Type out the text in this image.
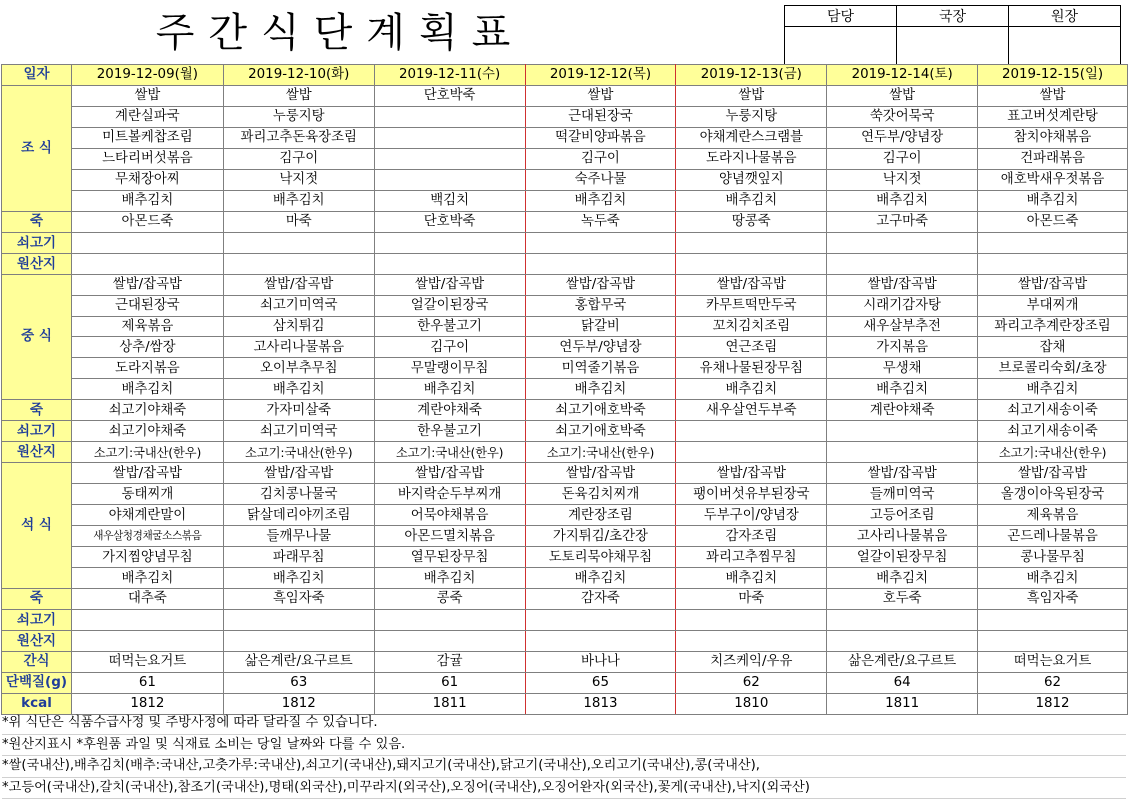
주간식단계획표	담당	국장	원장

일자	2019-12-09(월)	2019-12-10(화)	2019-12-11(수)	2019-12-12(목)	2019-12-13(금)	2019-12-14(토)	2019-12-15(일)
조 식	쌀밥	쌀밥	단호박죽	쌀밥	쌀밥	쌀밥	쌀밥
	계란실파국	누룽지탕		근대된장국	누룽지탕	쑥갓어묵국	표고버섯계란탕
	미트볼케찹조림	꽈리고추돈육장조림		떡갈비양파볶음	야채계란스크램블	연두부/양념장	참치야채볶음
	느타리버섯볶음	김구이		김구이	도라지나물볶음	김구이	건파래볶음
	무채장아찌	낙지젓		숙주나물	양념깻잎지	낙지젓	애호박새우젓볶음
	배추김치	배추김치	백김치	배추김치	배추김치	배추김치	배추김치
죽	아몬드죽	마죽	단호박죽	녹두죽	땅콩죽	고구마죽	아몬드죽
쇠고기							
원산지							
중 식	쌀밥/잡곡밥	쌀밥/잡곡밥	쌀밥/잡곡밥	쌀밥/잡곡밥	쌀밥/잡곡밥	쌀밥/잡곡밥	쌀밥/잡곡밥
	근대된장국	쇠고기미역국	얼갈이된장국	홍합무국	카무트떡만두국	시래기감자탕	부대찌개
	제육볶음	삼치튀김	한우불고기	닭갈비	꼬치김치조림	새우살부추전	꽈리고추계란장조림
	상추/쌈장	고사리나물볶음	김구이	연두부/양념장	연근조림	가지볶음	잡채
	도라지볶음	오이부추무침	무말랭이무침	미역줄기볶음	유채나물된장무침	무생채	브로콜리숙회/초장
	배추김치	배추김치	배추김치	배추김치	배추김치	배추김치	배추김치
죽	쇠고기야채죽	가자미살죽	계란야채죽	쇠고기애호박죽	새우살연두부죽	계란야채죽	쇠고기새송이죽
쇠고기	쇠고기야채죽	쇠고기미역국	한우불고기	쇠고기애호박죽			쇠고기새송이죽
원산지	소고기:국내산(한우)	소고기:국내산(한우)	소고기:국내산(한우)	소고기:국내산(한우)			소고기:국내산(한우)
석 식	쌀밥/잡곡밥	쌀밥/잡곡밥	쌀밥/잡곡밥	쌀밥/잡곡밥	쌀밥/잡곡밥	쌀밥/잡곡밥	쌀밥/잡곡밥
	동태찌개	김치콩나물국	바지락순두부찌개	돈육김치찌개	팽이버섯유부된장국	들깨미역국	올갱이아욱된장국
	야채계란말이	닭살데리야끼조림	어묵야채볶음	계란장조림	두부구이/양념장	고등어조림	제육볶음
	새우살청경채굴소스볶음	들깨무나물	아몬드멸치볶음	가지튀김/초간장	감자조림	고사리나물볶음	곤드레나물볶음
	가지찜양념무침	파래무침	열무된장무침	도토리묵야채무침	꽈리고추찜무침	얼갈이된장무침	콩나물무침
	배추김치	배추김치	배추김치	배추김치	배추김치	배추김치	배추김치
죽	대추죽	흑임자죽	콩죽	감자죽	마죽	호두죽	흑임자죽
쇠고기							
원산지							
간식	떠먹는요거트	삶은계란/요구르트	감귤	바나나	치즈케익/우유	삶은계란/요구르트	떠먹는요거트
단백질(g)	61	63	61	65	62	64	62
kcal	1812	1812	1811	1813	1810	1811	1812
*위 식단은 식품수급사정 및 주방사정에 따라 달라질 수 있습니다.
*원산지표시 *후원품 과일 및 식재료 소비는 당일 날짜와 다를 수 있음.
*쌀(국내산),배추김치(배추:국내산,고춧가루:국내산),쇠고기(국내산),돼지고기(국내산),닭고기(국내산),오리고기(국내산),콩(국내산),
*고등어(국내산),갈치(국내산),참조기(국내산),명태(외국산),미꾸라지(외국산),오징어(국내산),오징어완자(외국산),꽃게(국내산),낙지(외국산)
